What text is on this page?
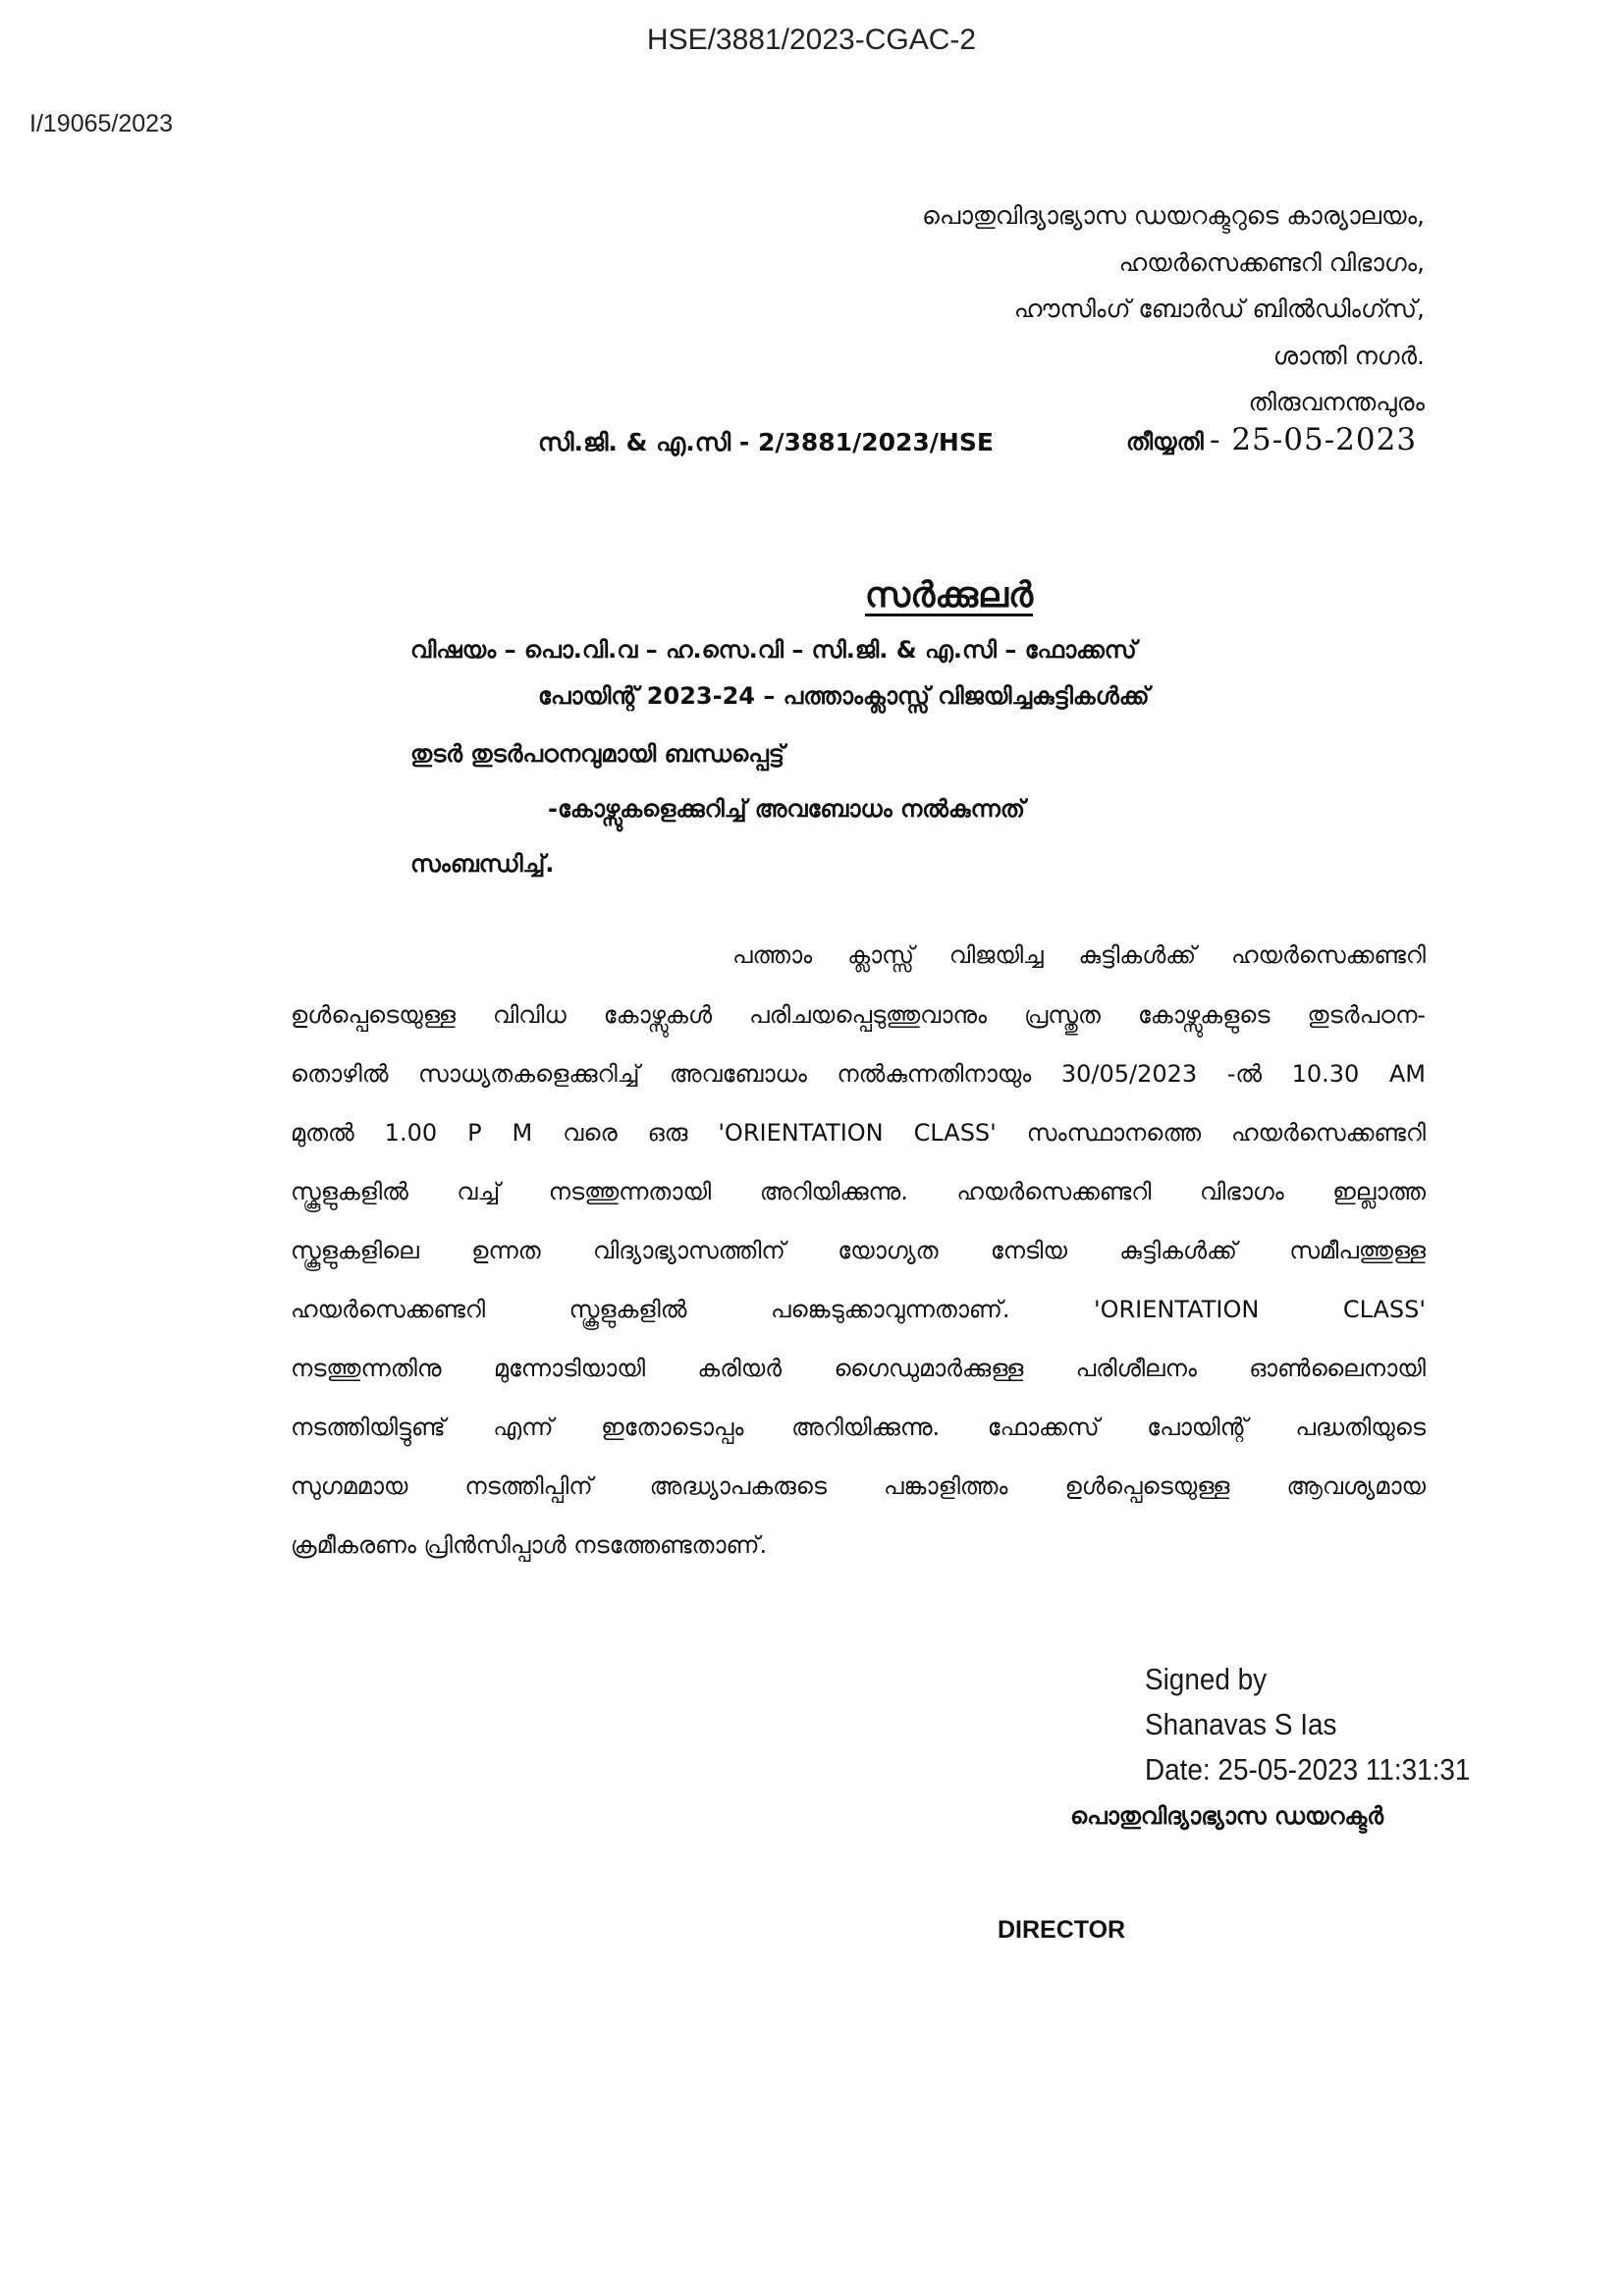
HSE/3881/2023-CGAC-2
I/19065/2023
പൊതുവിദ്യാഭ്യാസ ഡയറക്ടറുടെ കാര്യാലയം,
ഹയർസെക്കണ്ടറി വിഭാഗം,
ഹൗസിംഗ് ബോർഡ് ബിൽഡിംഗ്സ്,
ശാന്തി നഗർ.
തിരുവനന്തപുരം
സി.ജി. & എ.സി - 2/3881/2023/HSE	തീയ്യതി - 25-05-2023
സർക്കുലർ
വിഷയം – പൊ.വി.വ – ഹ.സെ.വി – സി.ജി. & എ.സി – ഫോക്കസ്
പോയിന്റ് 2023-24 – പത്താംക്ലാസ്സ് വിജയിച്ചകുട്ടികൾക്ക്
തുടർ തുടർപഠനവുമായി ബന്ധപ്പെട്ട്
-കോഴ്സുകളെക്കുറിച്ച് അവബോധം നൽകുന്നത്
സംബന്ധിച്ച്.
പത്താം ക്ലാസ്സ് വിജയിച്ച കുട്ടികൾക്ക് ഹയർസെക്കണ്ടറി
ഉൾപ്പെടെയുള്ള വിവിധ കോഴ്സുകൾ പരിചയപ്പെടുത്തുവാനും പ്രസ്തുത കോഴ്സുകളുടെ തുടർപഠന-
തൊഴിൽ സാധ്യതകളെക്കുറിച്ച് അവബോധം നൽകുന്നതിനായും 30/05/2023 -ൽ 10.30 AM
മുതൽ 1.00 P M വരെ ഒരു 'ORIENTATION CLASS' സംസ്ഥാനത്തെ ഹയർസെക്കണ്ടറി
സ്കൂളുകളിൽ വച്ച് നടത്തുന്നതായി അറിയിക്കുന്നു. ഹയർസെക്കണ്ടറി വിഭാഗം ഇല്ലാത്ത
സ്കൂളുകളിലെ ഉന്നത വിദ്യാഭ്യാസത്തിന് യോഗ്യത നേടിയ കുട്ടികൾക്ക് സമീപത്തുള്ള
ഹയർസെക്കണ്ടറി സ്കൂളുകളിൽ പങ്കെടുക്കാവുന്നതാണ്. 'ORIENTATION CLASS'
നടത്തുന്നതിനു മുന്നോടിയായി കരിയർ ഗൈഡുമാർക്കുള്ള പരിശീലനം ഓൺലൈനായി
നടത്തിയിട്ടുണ്ട് എന്ന് ഇതോടൊപ്പം അറിയിക്കുന്നു. ഫോക്കസ് പോയിന്റ് പദ്ധതിയുടെ
സുഗമമായ നടത്തിപ്പിന് അദ്ധ്യാപകരുടെ പങ്കാളിത്തം ഉൾപ്പെടെയുള്ള ആവശ്യമായ
ക്രമീകരണം പ്രിൻസിപ്പാൾ നടത്തേണ്ടതാണ്.
Signed by
Shanavas S Ias
Date: 25-05-2023 11:31:31
പൊതുവിദ്യാഭ്യാസ ഡയറക്ടർ
DIRECTOR
